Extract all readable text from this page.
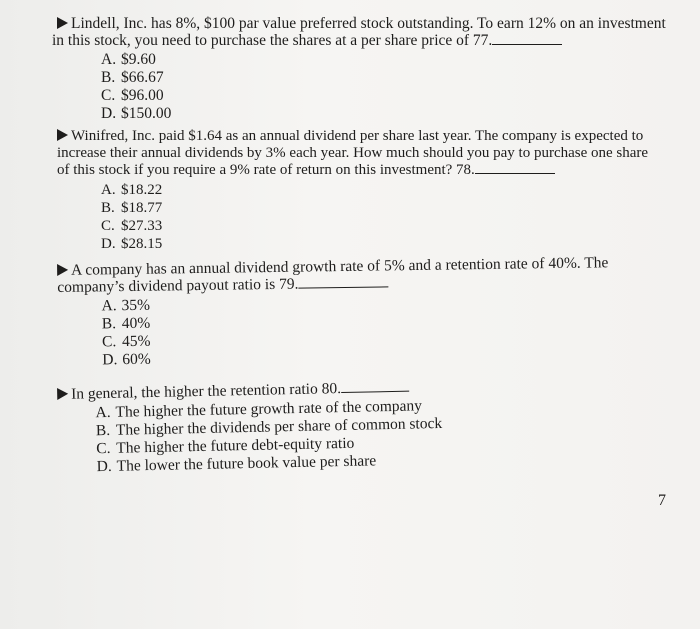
Lindell, Inc. has 8%, $100 par value preferred stock outstanding. To earn 12% on an investment
in this stock, you need to purchase the shares at a per share price of 77.
A. $9.60
B. $66.67
C. $96.00
D. $150.00
Winifred, Inc. paid $1.64 as an annual dividend per share last year. The company is expected to
increase their annual dividends by 3% each year. How much should you pay to purchase one share
of this stock if you require a 9% rate of return on this investment? 78.
A. $18.22
B. $18.77
C. $27.33
D. $28.15
A company has an annual dividend growth rate of 5% and a retention rate of 40%. The
company’s dividend payout ratio is 79.
A. 35%
B. 40%
C. 45%
D. 60%
In general, the higher the retention ratio 80.
A. The higher the future growth rate of the company
B. The higher the dividends per share of common stock
C. The higher the future debt-equity ratio
D. The lower the future book value per share
7
